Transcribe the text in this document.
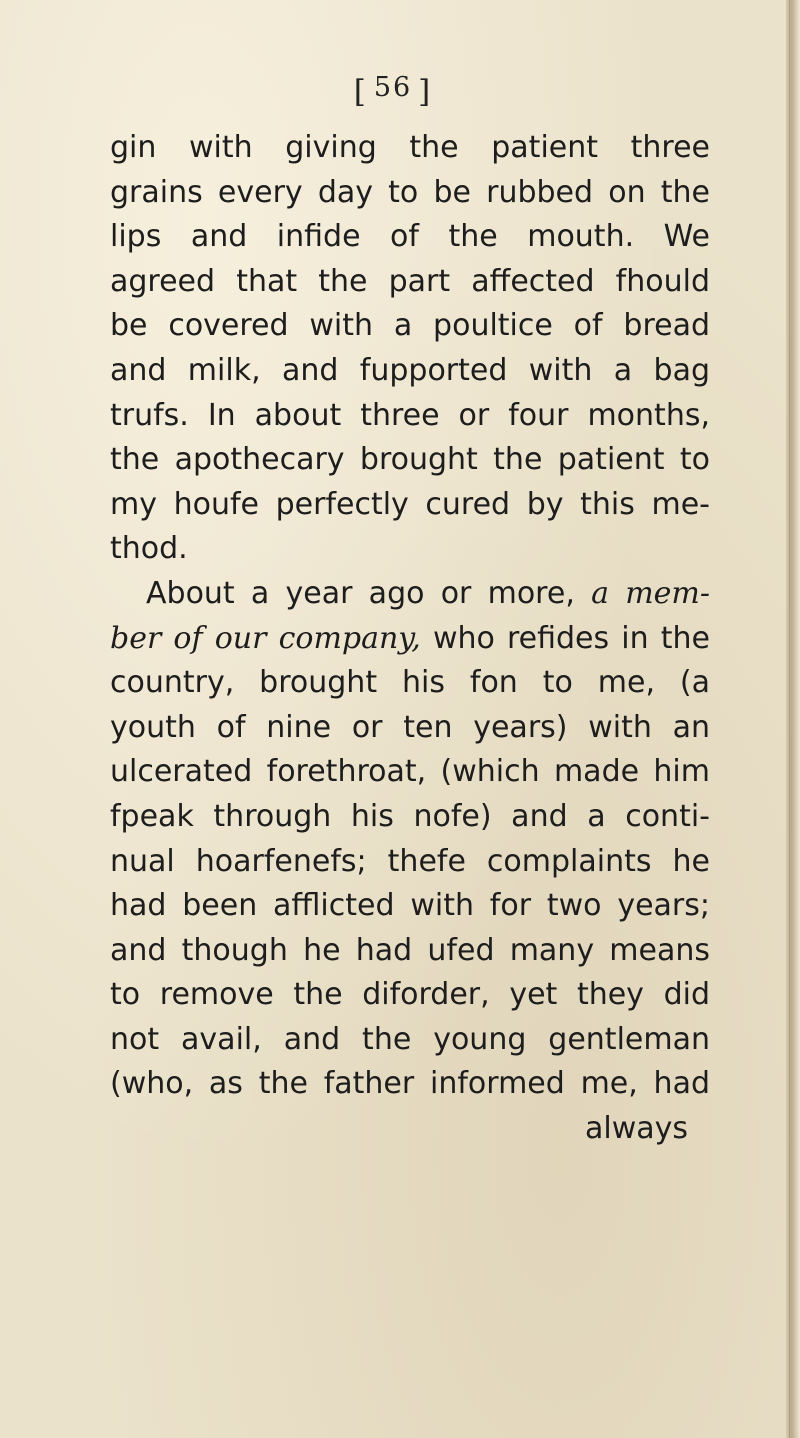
[ 56 ]
gin with giving the patient three
grains every day to be rubbed on the
lips and infide of the mouth. We
agreed that the part affected fhould
be covered with a poultice of bread
and milk, and fupported with a bag
trufs. In about three or four months,
the apothecary brought the patient to
my houfe perfectly cured by this me-
thod.
About a year ago or more, a mem-
ber of our company, who refides in the
country, brought his fon to me, (a
youth of nine or ten years) with an
ulcerated forethroat, (which made him
fpeak through his nofe) and a conti-
nual hoarfenefs; thefe complaints he
had been afflicted with for two years;
and though he had ufed many means
to remove the diforder, yet they did
not avail, and the young gentleman
(who, as the father informed me, had
always
